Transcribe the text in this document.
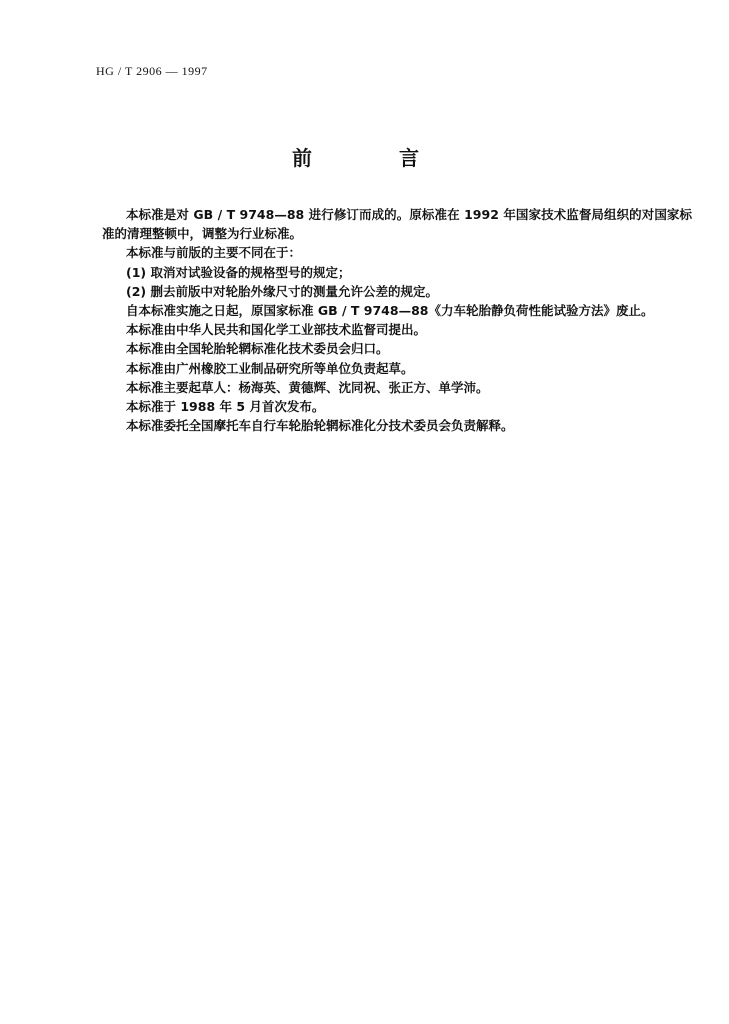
HG / T 2906 — 1997
前 言

本标准是对 GB / T 9748—88 进行修订而成的。原标准在 1992 年国家技术监督局组织的对国家标准的清理整顿中，调整为行业标准。

本标准与前版的主要不同在于：

(1) 取消对试验设备的规格型号的规定；

(2) 删去前版中对轮胎外缘尺寸的测量允许公差的规定。

自本标准实施之日起，原国家标准 GB / T 9748—88《力车轮胎静负荷性能试验方法》废止。

本标准由中华人民共和国化学工业部技术监督司提出。

本标准由全国轮胎轮辋标准化技术委员会归口。

本标准由广州橡胶工业制品研究所等单位负责起草。

本标准主要起草人：杨海英、黄德辉、沈同祝、张正方、单学沛。

本标准于 1988 年 5 月首次发布。

本标准委托全国摩托车自行车轮胎轮辋标准化分技术委员会负责解释。
